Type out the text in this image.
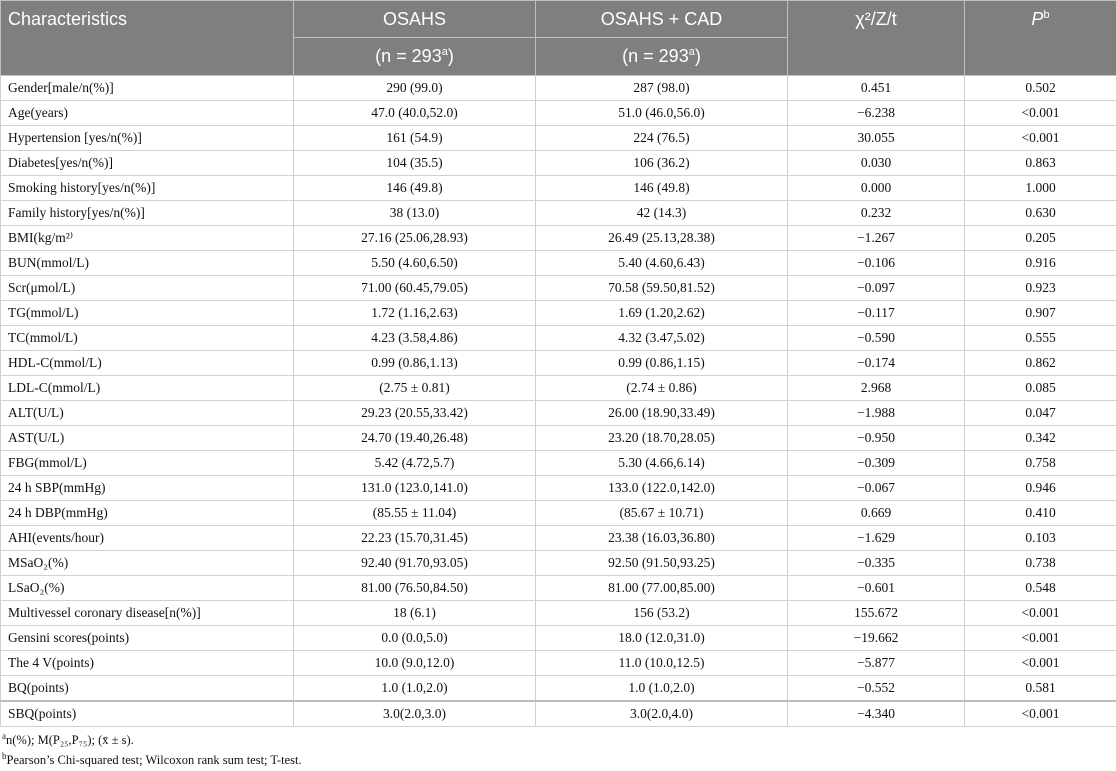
Characteristics	OSAHS	OSAHS + CAD	χ²/Z/t	$P^b$
	$(n = 293^a)$	$(n = 293^a)$		
Gender[male/n(%)]	290 (99.0)	287 (98.0)	0.451	0.502
Age(years)	47.0 (40.0,52.0)	51.0 (46.0,56.0)	−6.238	<0.001
Hypertension [yes/n(%)]	161 (54.9)	224 (76.5)	30.055	<0.001
Diabetes[yes/n(%)]	104 (35.5)	106 (36.2)	0.030	0.863
Smoking history[yes/n(%)]	146 (49.8)	146 (49.8)	0.000	1.000
Family history[yes/n(%)]	38 (13.0)	42 (14.3)	0.232	0.630
BMI(kg/m²⁾	27.16 (25.06,28.93)	26.49 (25.13,28.38)	−1.267	0.205
BUN(mmol/L)	5.50 (4.60,6.50)	5.40 (4.60,6.43)	−0.106	0.916
Scr(μmol/L)	71.00 (60.45,79.05)	70.58 (59.50,81.52)	−0.097	0.923
TG(mmol/L)	1.72 (1.16,2.63)	1.69 (1.20,2.62)	−0.117	0.907
TC(mmol/L)	4.23 (3.58,4.86)	4.32 (3.47,5.02)	−0.590	0.555
HDL-C(mmol/L)	0.99 (0.86,1.13)	0.99 (0.86,1.15)	−0.174	0.862
LDL-C(mmol/L)	(2.75 ± 0.81)	(2.74 ± 0.86)	2.968	0.085
ALT(U/L)	29.23 (20.55,33.42)	26.00 (18.90,33.49)	−1.988	0.047
AST(U/L)	24.70 (19.40,26.48)	23.20 (18.70,28.05)	−0.950	0.342
FBG(mmol/L)	5.42 (4.72,5.7)	5.30 (4.66,6.14)	−0.309	0.758
24 h SBP(mmHg)	131.0 (123.0,141.0)	133.0 (122.0,142.0)	−0.067	0.946
24 h DBP(mmHg)	(85.55 ± 11.04)	(85.67 ± 10.71)	0.669	0.410
AHI(events/hour)	22.23 (15.70,31.45)	23.38 (16.03,36.80)	−1.629	0.103
MSaO₂(%)	92.40 (91.70,93.05)	92.50 (91.50,93.25)	−0.335	0.738
LSaO₂(%)	81.00 (76.50,84.50)	81.00 (77.00,85.00)	−0.601	0.548
Multivessel coronary disease[n(%)]	18 (6.1)	156 (53.2)	155.672	<0.001
Gensini scores(points)	0.0 (0.0,5.0)	18.0 (12.0,31.0)	−19.662	<0.001
The 4 V(points)	10.0 (9.0,12.0)	11.0 (10.0,12.5)	−5.877	<0.001
BQ(points)	1.0 (1.0,2.0)	1.0 (1.0,2.0)	−0.552	0.581
SBQ(points)	3.0(2.0,3.0)	3.0(2.0,4.0)	−4.340	<0.001
$^a$n(%); M(P₂₅,P₇₅); (x̄ ± s).
$^b$Pearson’s Chi-squared test; Wilcoxon rank sum test; T-test.
